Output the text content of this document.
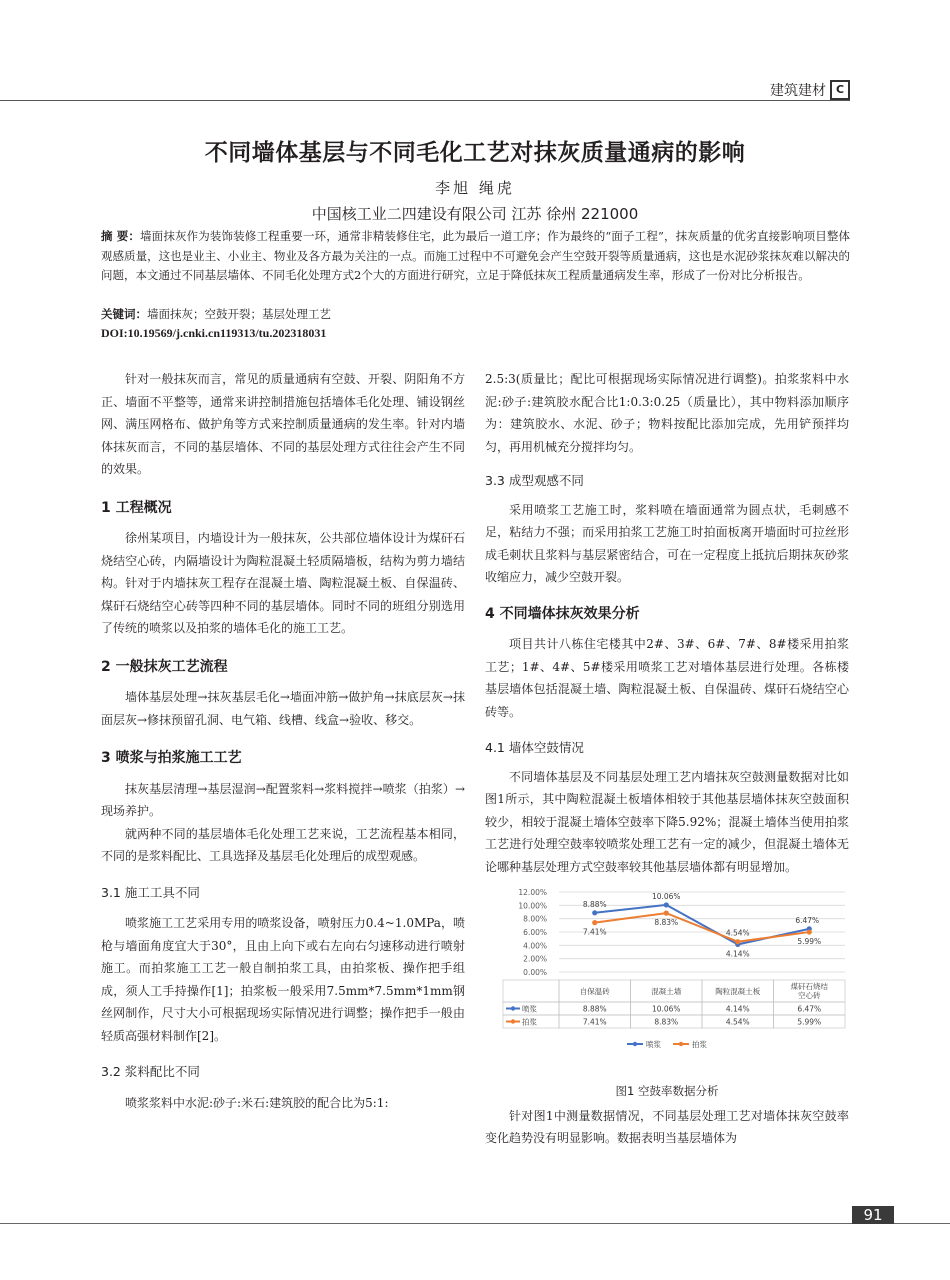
建筑建材 C
不同墙体基层与不同毛化工艺对抹灰质量通病的影响
李旭 绳虎
中国核工业二四建设有限公司 江苏 徐州 221000
摘 要：墙面抹灰作为装饰装修工程重要一环，通常非精装修住宅，此为最后一道工序；作为最终的“面子工程”，抹灰质量的优劣直接影响项目整体观感质量，这也是业主、小业主、物业及各方最为关注的一点。而施工过程中不可避免会产生空鼓开裂等质量通病，这也是水泥砂浆抹灰难以解决的问题，本文通过不同基层墙体、不同毛化处理方式2个大的方面进行研究，立足于降低抹灰工程质量通病发生率，形成了一份对比分析报告。
关键词：墙面抹灰；空鼓开裂；基层处理工艺
DOI:10.19569/j.cnki.cn119313/tu.202318031

针对一般抹灰而言，常见的质量通病有空鼓、开裂、阴阳角不方正、墙面不平整等，通常来讲控制措施包括墙体毛化处理、铺设钢丝网、满压网格布、做护角等方式来控制质量通病的发生率。针对内墙体抹灰而言，不同的基层墙体、不同的基层处理方式往往会产生不同的效果。

1 工程概况

徐州某项目，内墙设计为一般抹灰，公共部位墙体设计为煤矸石烧结空心砖，内隔墙设计为陶粒混凝土轻质隔墙板，结构为剪力墙结构。针对于内墙抹灰工程存在混凝土墙、陶粒混凝土板、自保温砖、煤矸石烧结空心砖等四种不同的基层墙体。同时不同的班组分别选用了传统的喷浆以及拍浆的墙体毛化的施工工艺。

2 一般抹灰工艺流程

墙体基层处理→抹灰基层毛化→墙面冲筋→做护角→抹底层灰→抹面层灰→修抹预留孔洞、电气箱、线槽、线盒→验收、移交。

3 喷浆与拍浆施工工艺

抹灰基层清理→基层湿润→配置浆料→浆料搅拌→喷浆（拍浆）→现场养护。

就两种不同的基层墙体毛化处理工艺来说，工艺流程基本相同，不同的是浆料配比、工具选择及基层毛化处理后的成型观感。

3.1 施工工具不同

喷浆施工工艺采用专用的喷浆设备，喷射压力0.4~1.0MPa，喷枪与墙面角度宜大于30°，且由上向下或右左向右匀速移动进行喷射施工。而拍浆施工工艺一般自制拍浆工具，由拍浆板、操作把手组成，须人工手持操作[1]；拍浆板一般采用7.5mm*7.5mm*1mm钢丝网制作，尺寸大小可根据现场实际情况进行调整；操作把手一般由轻质高强材料制作[2]。

3.2 浆料配比不同

喷浆浆料中水泥:砂子:米石:建筑胶的配合比为5:1:

2.5:3(质量比；配比可根据现场实际情况进行调整)。拍浆浆料中水泥:砂子:建筑胶水配合比1:0.3:0.25（质量比），其中物料添加顺序为：建筑胶水、水泥、砂子；物料按配比添加完成，先用铲预拌均匀，再用机械充分搅拌均匀。

3.3 成型观感不同

采用喷浆工艺施工时，浆料喷在墙面通常为圆点状，毛刺感不足，粘结力不强；而采用拍浆工艺施工时拍面板离开墙面时可拉丝形成毛刺状且浆料与基层紧密结合，可在一定程度上抵抗后期抹灰砂浆收缩应力，减少空鼓开裂。

4 不同墙体抹灰效果分析

项目共计八栋住宅楼其中2#、3#、6#、7#、8#楼采用拍浆工艺；1#、4#、5#楼采用喷浆工艺对墙体基层进行处理。各栋楼基层墙体包括混凝土墙、陶粒混凝土板、自保温砖、煤矸石烧结空心砖等。

4.1 墙体空鼓情况

不同墙体基层及不同基层处理工艺内墙抹灰空鼓测量数据对比如图1所示，其中陶粒混凝土板墙体相较于其他基层墙体抹灰空鼓面积较少，相较于混凝土墙体空鼓率下降5.92%；混凝土墙体当使用拍浆工艺进行处理空鼓率较喷浆处理工艺有一定的减少，但混凝土墙体无论哪种基层处理方式空鼓率较其他基层墙体都有明显增加。

12.00%
10.00%
8.00%
6.00%
4.00%
2.00%
0.00%
8.88%
10.06%
4.14%
6.47%
7.41%
8.83%
4.54%
5.99%
自保温砖	混凝土墙	陶粒混凝土板
煤矸石烧结
空心砖
喷浆	8.88%	10.06%	4.14%	6.47%
拍浆	7.41%	8.83%	4.54%	5.99%
喷浆	拍浆
图1 空鼓率数据分析

针对图1中测量数据情况，不同基层处理工艺对墙体抹灰空鼓率变化趋势没有明显影响。数据表明当基层墙体为

91
